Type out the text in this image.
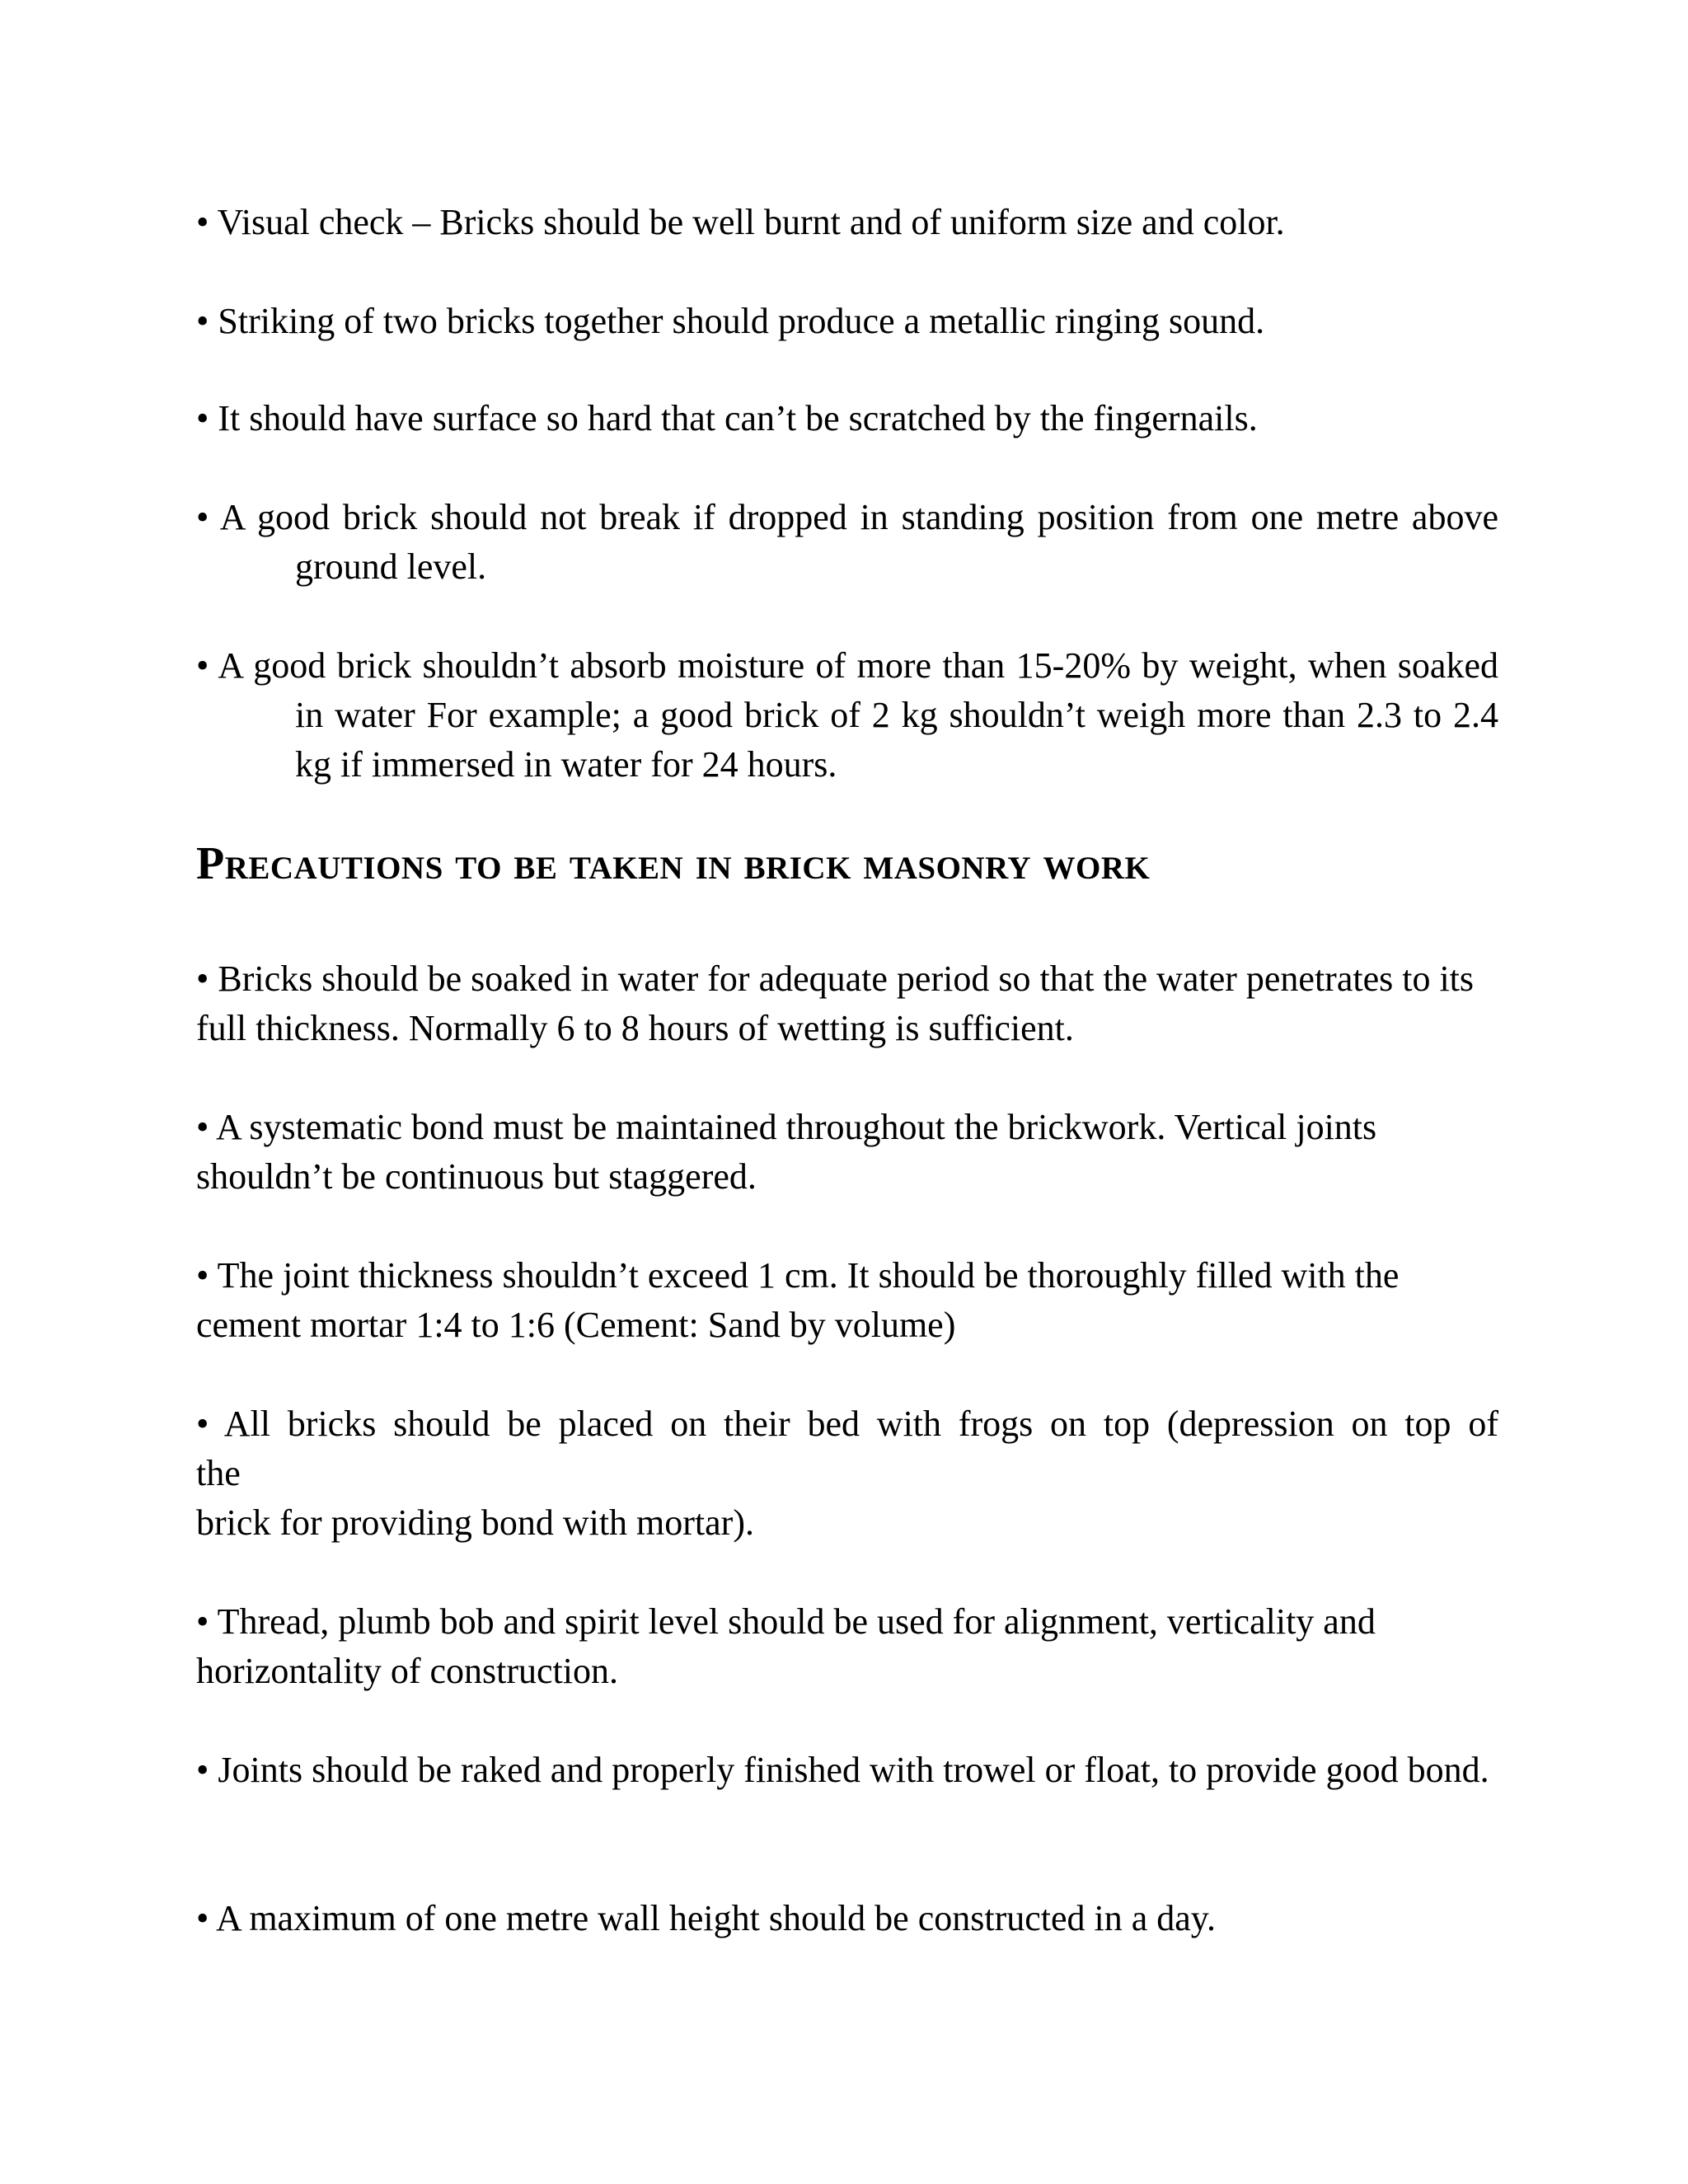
• Visual check – Bricks should be well burnt and of uniform size and color.

• Striking of two bricks together should produce a metallic ringing sound.

• It should have surface so hard that can’t be scratched by the fingernails.

• A good brick should not break if dropped in standing position from one metre above ground level.

• A good brick shouldn’t absorb moisture of more than 15-20% by weight, when soaked in water For example; a good brick of 2 kg shouldn’t weigh more than 2.3 to 2.4 kg if immersed in water for 24 hours.

Precautions to be taken in brick masonry work

• Bricks should be soaked in water for adequate period so that the water penetrates to its full thickness. Normally 6 to 8 hours of wetting is sufficient.

• A systematic bond must be maintained throughout the brickwork. Vertical joints shouldn’t be continuous but staggered.

• The joint thickness shouldn’t exceed 1 cm. It should be thoroughly filled with the cement mortar 1:4 to 1:6 (Cement: Sand by volume)

• All bricks should be placed on their bed with frogs on top (depression on top of
the
brick for providing bond with mortar).

• Thread, plumb bob and spirit level should be used for alignment, verticality and horizontality of construction.

• Joints should be raked and properly finished with trowel or float, to provide good bond.

• A maximum of one metre wall height should be constructed in a day.
